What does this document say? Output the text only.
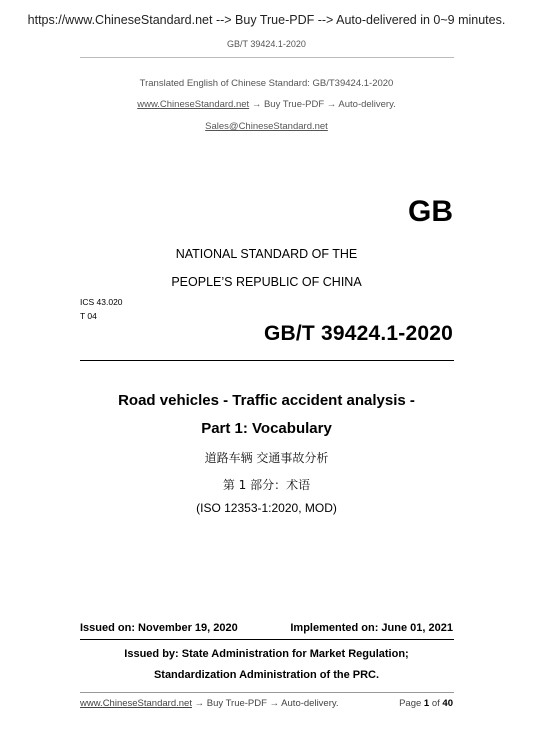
https://www.ChineseStandard.net --> Buy True-PDF --> Auto-delivered in 0~9 minutes.
GB/T 39424.1-2020
Translated English of Chinese Standard: GB/T39424.1-2020
www.ChineseStandard.net → Buy True-PDF → Auto-delivery.
Sales@ChineseStandard.net
GB
NATIONAL STANDARD OF THE
PEOPLE’S REPUBLIC OF CHINA
ICS 43.020
T 04
GB/T 39424.1-2020
Road vehicles - Traffic accident analysis -
Part 1: Vocabulary
道路车辆 交通事故分析
第 1 部分：术语
(ISO 12353-1:2020, MOD)
Issued on: November 19, 2020	Implemented on: June 01, 2021
Issued by: State Administration for Market Regulation;
Standardization Administration of the PRC.
www.ChineseStandard.net → Buy True-PDF → Auto-delivery.	Page 1 of 40
